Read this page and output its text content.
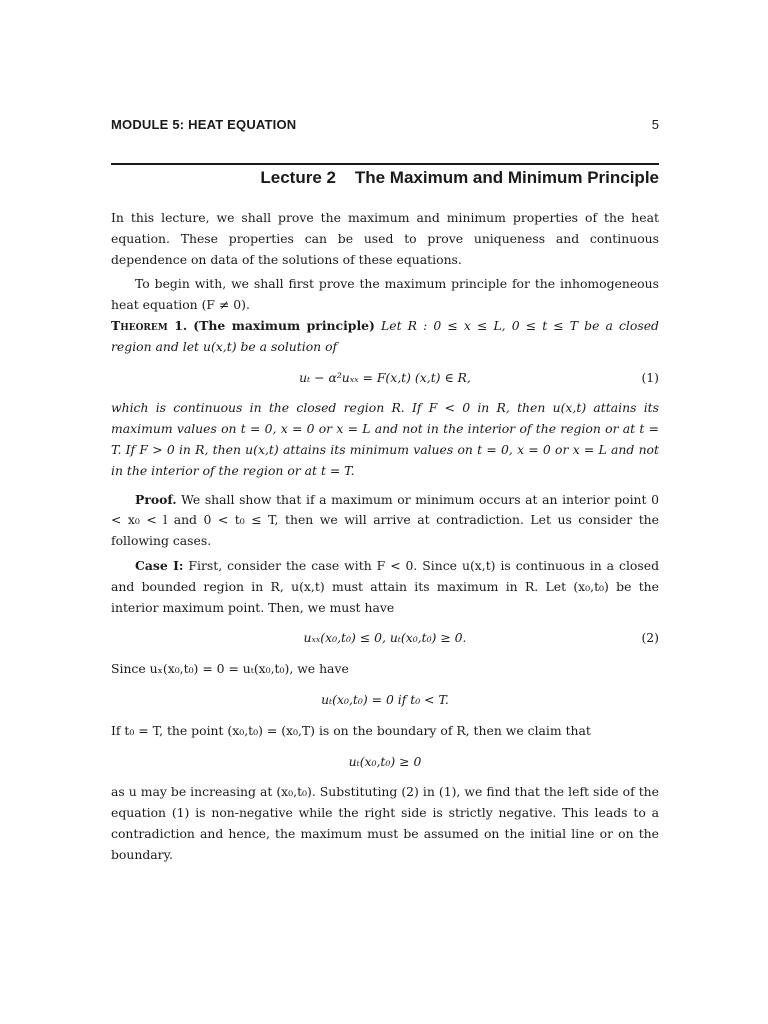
MODULE 5: HEAT EQUATION	5
Lecture 2    The Maximum and Minimum Principle

In this lecture, we shall prove the maximum and minimum properties of the heat equation. These properties can be used to prove uniqueness and continuous dependence on data of the solutions of these equations.

To begin with, we shall first prove the maximum principle for the inhomogeneous heat equation (F ≠ 0).

Theorem 1. (The maximum principle) Let R : 0 ≤ x ≤ L, 0 ≤ t ≤ T be a closed region and let u(x,t) be a solution of

uₜ − α²uₓₓ = F(x,t) (x,t) ∈ R,	(1)

which is continuous in the closed region R. If F < 0 in R, then u(x,t) attains its maximum values on t = 0, x = 0 or x = L and not in the interior of the region or at t = T. If F > 0 in R, then u(x,t) attains its minimum values on t = 0, x = 0 or x = L and not in the interior of the region or at t = T.

Proof. We shall show that if a maximum or minimum occurs at an interior point 0 < x₀ < l and 0 < t₀ ≤ T, then we will arrive at contradiction. Let us consider the following cases.

Case I: First, consider the case with F < 0. Since u(x,t) is continuous in a closed and bounded region in R, u(x,t) must attain its maximum in R. Let (x₀,t₀) be the interior maximum point. Then, we must have

uₓₓ(x₀,t₀) ≤ 0, uₜ(x₀,t₀) ≥ 0.	(2)

Since uₓ(x₀,t₀) = 0 = uₜ(x₀,t₀), we have

uₜ(x₀,t₀) = 0 if t₀ < T.

If t₀ = T, the point (x₀,t₀) = (x₀,T) is on the boundary of R, then we claim that

uₜ(x₀,t₀) ≥ 0

as u may be increasing at (x₀,t₀). Substituting (2) in (1), we find that the left side of the equation (1) is non-negative while the right side is strictly negative. This leads to a contradiction and hence, the maximum must be assumed on the initial line or on the boundary.
